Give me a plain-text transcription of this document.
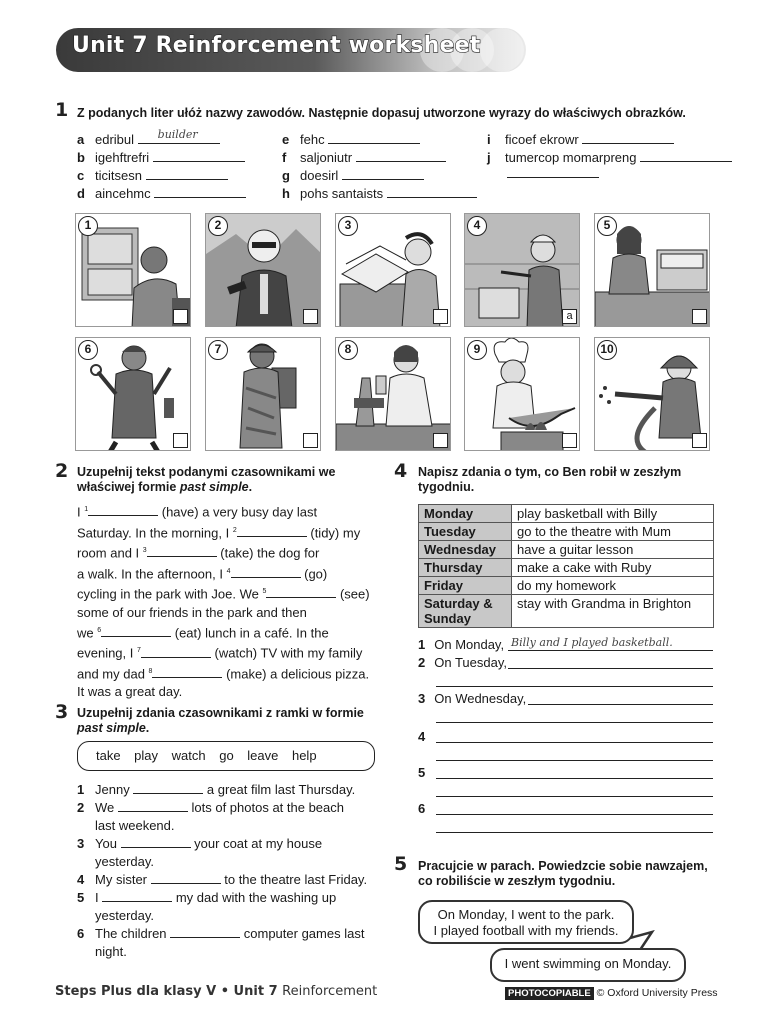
Unit 7 Reinforcement worksheet
1 Z podanych liter ułóż nazwy zawodów. Następnie dopasuj utworzone wyrazy do właściwych obrazków.
a edribul builder
b igehftrefri
c ticitsesn
d aincehmc
e fehc
f saljoniutr
g doesirl
h pohs santaists
i ficoef ekrowr
j tumercop momarpreng
1	2	3	4
a
5
6	7	8	9	10
2 Uzupełnij tekst podanymi czasownikami we
właściwej formie past simple.
I $^1$	(have) a very busy day last
Saturday. In the morning, I $^2$	(tidy) my
room and I $^3$	(take) the dog for
a walk. In the afternoon, I $^4$	(go)
cycling in the park with Joe. We $^5$	(see)
some of our friends in the park and then
we $^6$	(eat) lunch in a café. In the
evening, I $^7$	(watch) TV with my family
and my dad $^8$	(make) a delicious pizza.
It was a great day.
3 Uzupełnij zdania czasownikami z ramki w formie
past simple.
take play watch go leave help
1 Jenny	a great film last Thursday.
2 We	lots of photos at the beach
last weekend.
3 You	your coat at my house
yesterday.
4 My sister	to the theatre last Friday.
5 I	my dad with the washing up
yesterday.
6 The children	computer games last
night.
4 Napisz zdania o tym, co Ben robił w zeszłym
tygodniu.
Monday	play basketball with Billy
Tuesday	go to the theatre with Mum
Wednesday	have a guitar lesson
Thursday	make a cake with Ruby
Friday	do my homework
Saturday & Sunday	stay with Grandma in Brighton
1 On Monday, Billy and I played basketball.
2 On Tuesday,
3 On Wednesday,
4
5
6
5 Pracujcie w parach. Powiedzcie sobie nawzajem,
co robiliście w zeszłym tygodniu.
On Monday, I went to the park.
I played football with my friends.
I went swimming on Monday.
Steps Plus dla klasy V • Unit 7 Reinforcement	PHOTOCOPIABLE © Oxford University Press
